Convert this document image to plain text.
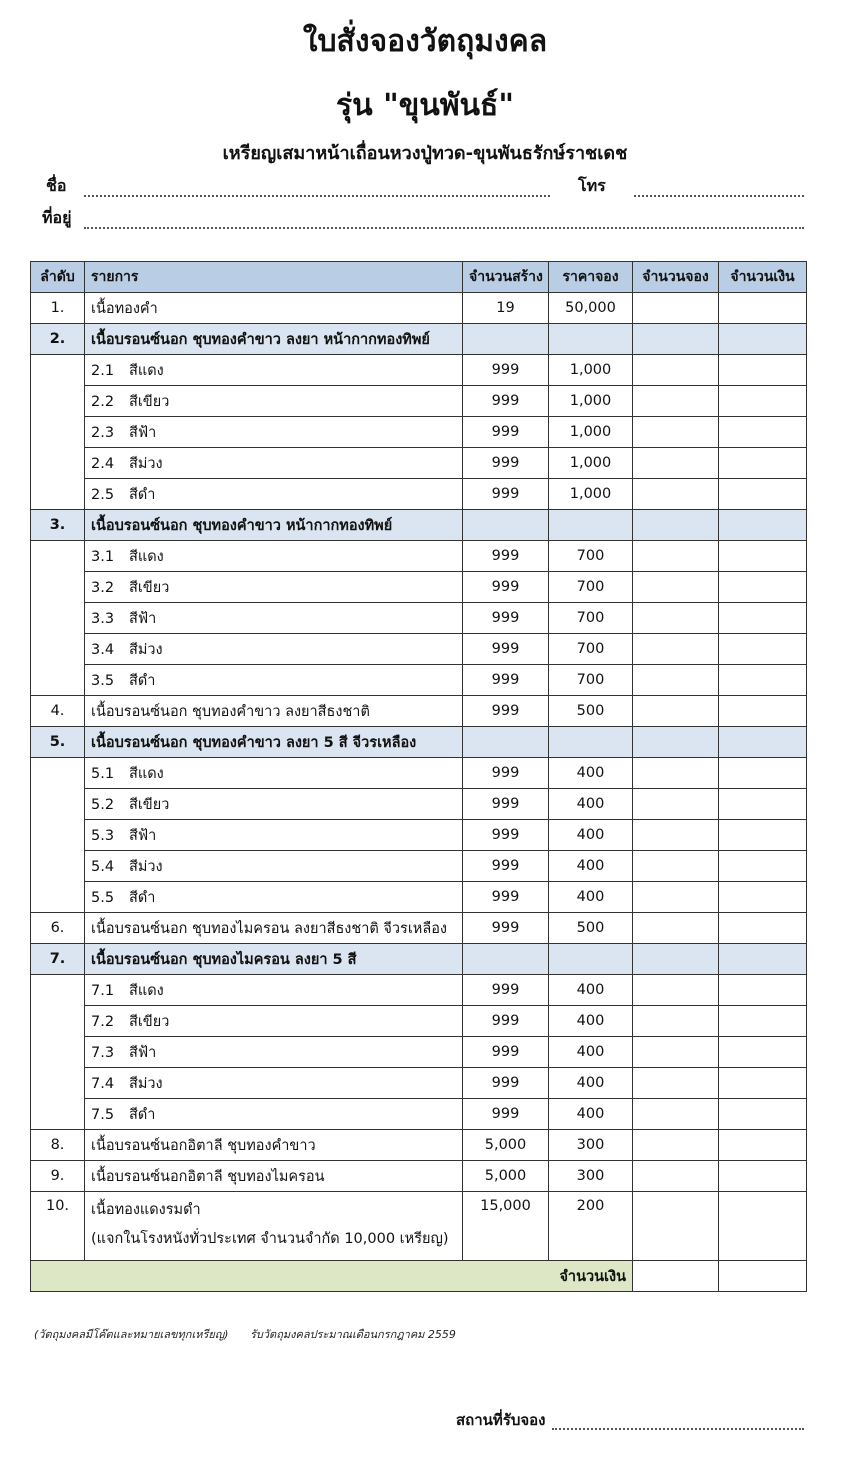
ใบสั่งจองวัตถุมงคล
รุ่น "ขุนพันธ์"
เหรียญเสมาหน้าเถื่อนหวงปู่ทวด-ขุนพันธรักษ์ราชเดช
ชื่อ	โทร
ที่อยู่
ลำดับ	รายการ	จำนวนสร้าง	ราคาจอง	จำนวนจอง	จำนวนเงิน
1.	เนื้อทองคำ	19	50,000		
2.	เนื้อบรอนซ์นอก ชุบทองคำขาว ลงยา หน้ากากทองทิพย์				
	2.1 สีแดง	999	1,000		
	2.2 สีเขียว	999	1,000		
	2.3 สีฟ้า	999	1,000		
	2.4 สีม่วง	999	1,000		
	2.5 สีดำ	999	1,000		
3.	เนื้อบรอนซ์นอก ชุบทองคำขาว หน้ากากทองทิพย์				
	3.1 สีแดง	999	700		
	3.2 สีเขียว	999	700		
	3.3 สีฟ้า	999	700		
	3.4 สีม่วง	999	700		
	3.5 สีดำ	999	700		
4.	เนื้อบรอนซ์นอก ชุบทองคำขาว ลงยาสีธงชาติ	999	500		
5.	เนื้อบรอนซ์นอก ชุบทองคำขาว ลงยา 5 สี จีวรเหลือง				
	5.1 สีแดง	999	400		
	5.2 สีเขียว	999	400		
	5.3 สีฟ้า	999	400		
	5.4 สีม่วง	999	400		
	5.5 สีดำ	999	400		
6.	เนื้อบรอนซ์นอก ชุบทองไมครอน ลงยาสีธงชาติ จีวรเหลือง	999	500		
7.	เนื้อบรอนซ์นอก ชุบทองไมครอน ลงยา 5 สี				
	7.1 สีแดง	999	400		
	7.2 สีเขียว	999	400		
	7.3 สีฟ้า	999	400		
	7.4 สีม่วง	999	400		
	7.5 สีดำ	999	400		
8.	เนื้อบรอนซ์นอกอิตาลี ชุบทองคำขาว	5,000	300		
9.	เนื้อบรอนซ์นอกอิตาลี ชุบทองไมครอน	5,000	300		
10.	เนื้อทองแดงรมดำ
(แจกในโรงหนังทั่วประเทศ จำนวนจำกัด 10,000 เหรียญ)	15,000	200		
จำนวนเงิน					
(วัตถุมงคลมีโค๊ตและหมายเลขทุกเหรียญ) รับวัตถุมงคลประมาณเดือนกรกฎาคม 2559
สถานที่รับจอง
